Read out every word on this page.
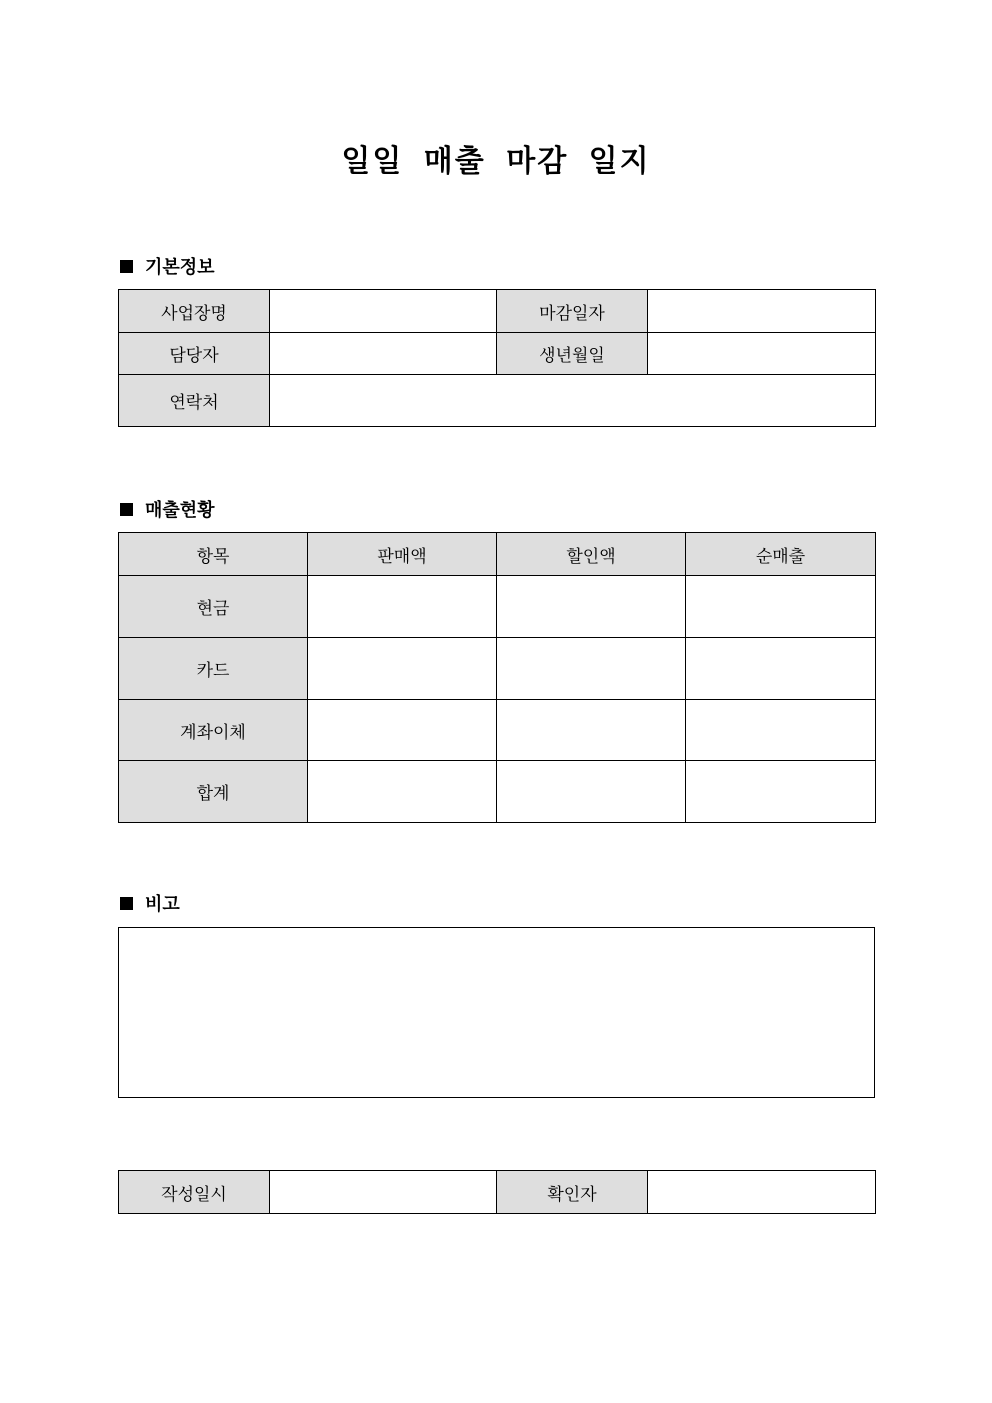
일일 매출 마감 일지
기본정보
사업장명		마감일자	
담당자		생년월일	
연락처			
매출현황
항목	판매액	할인액	순매출
현금			
카드			
계좌이체			
합계			
비고
작성일시		확인자	
